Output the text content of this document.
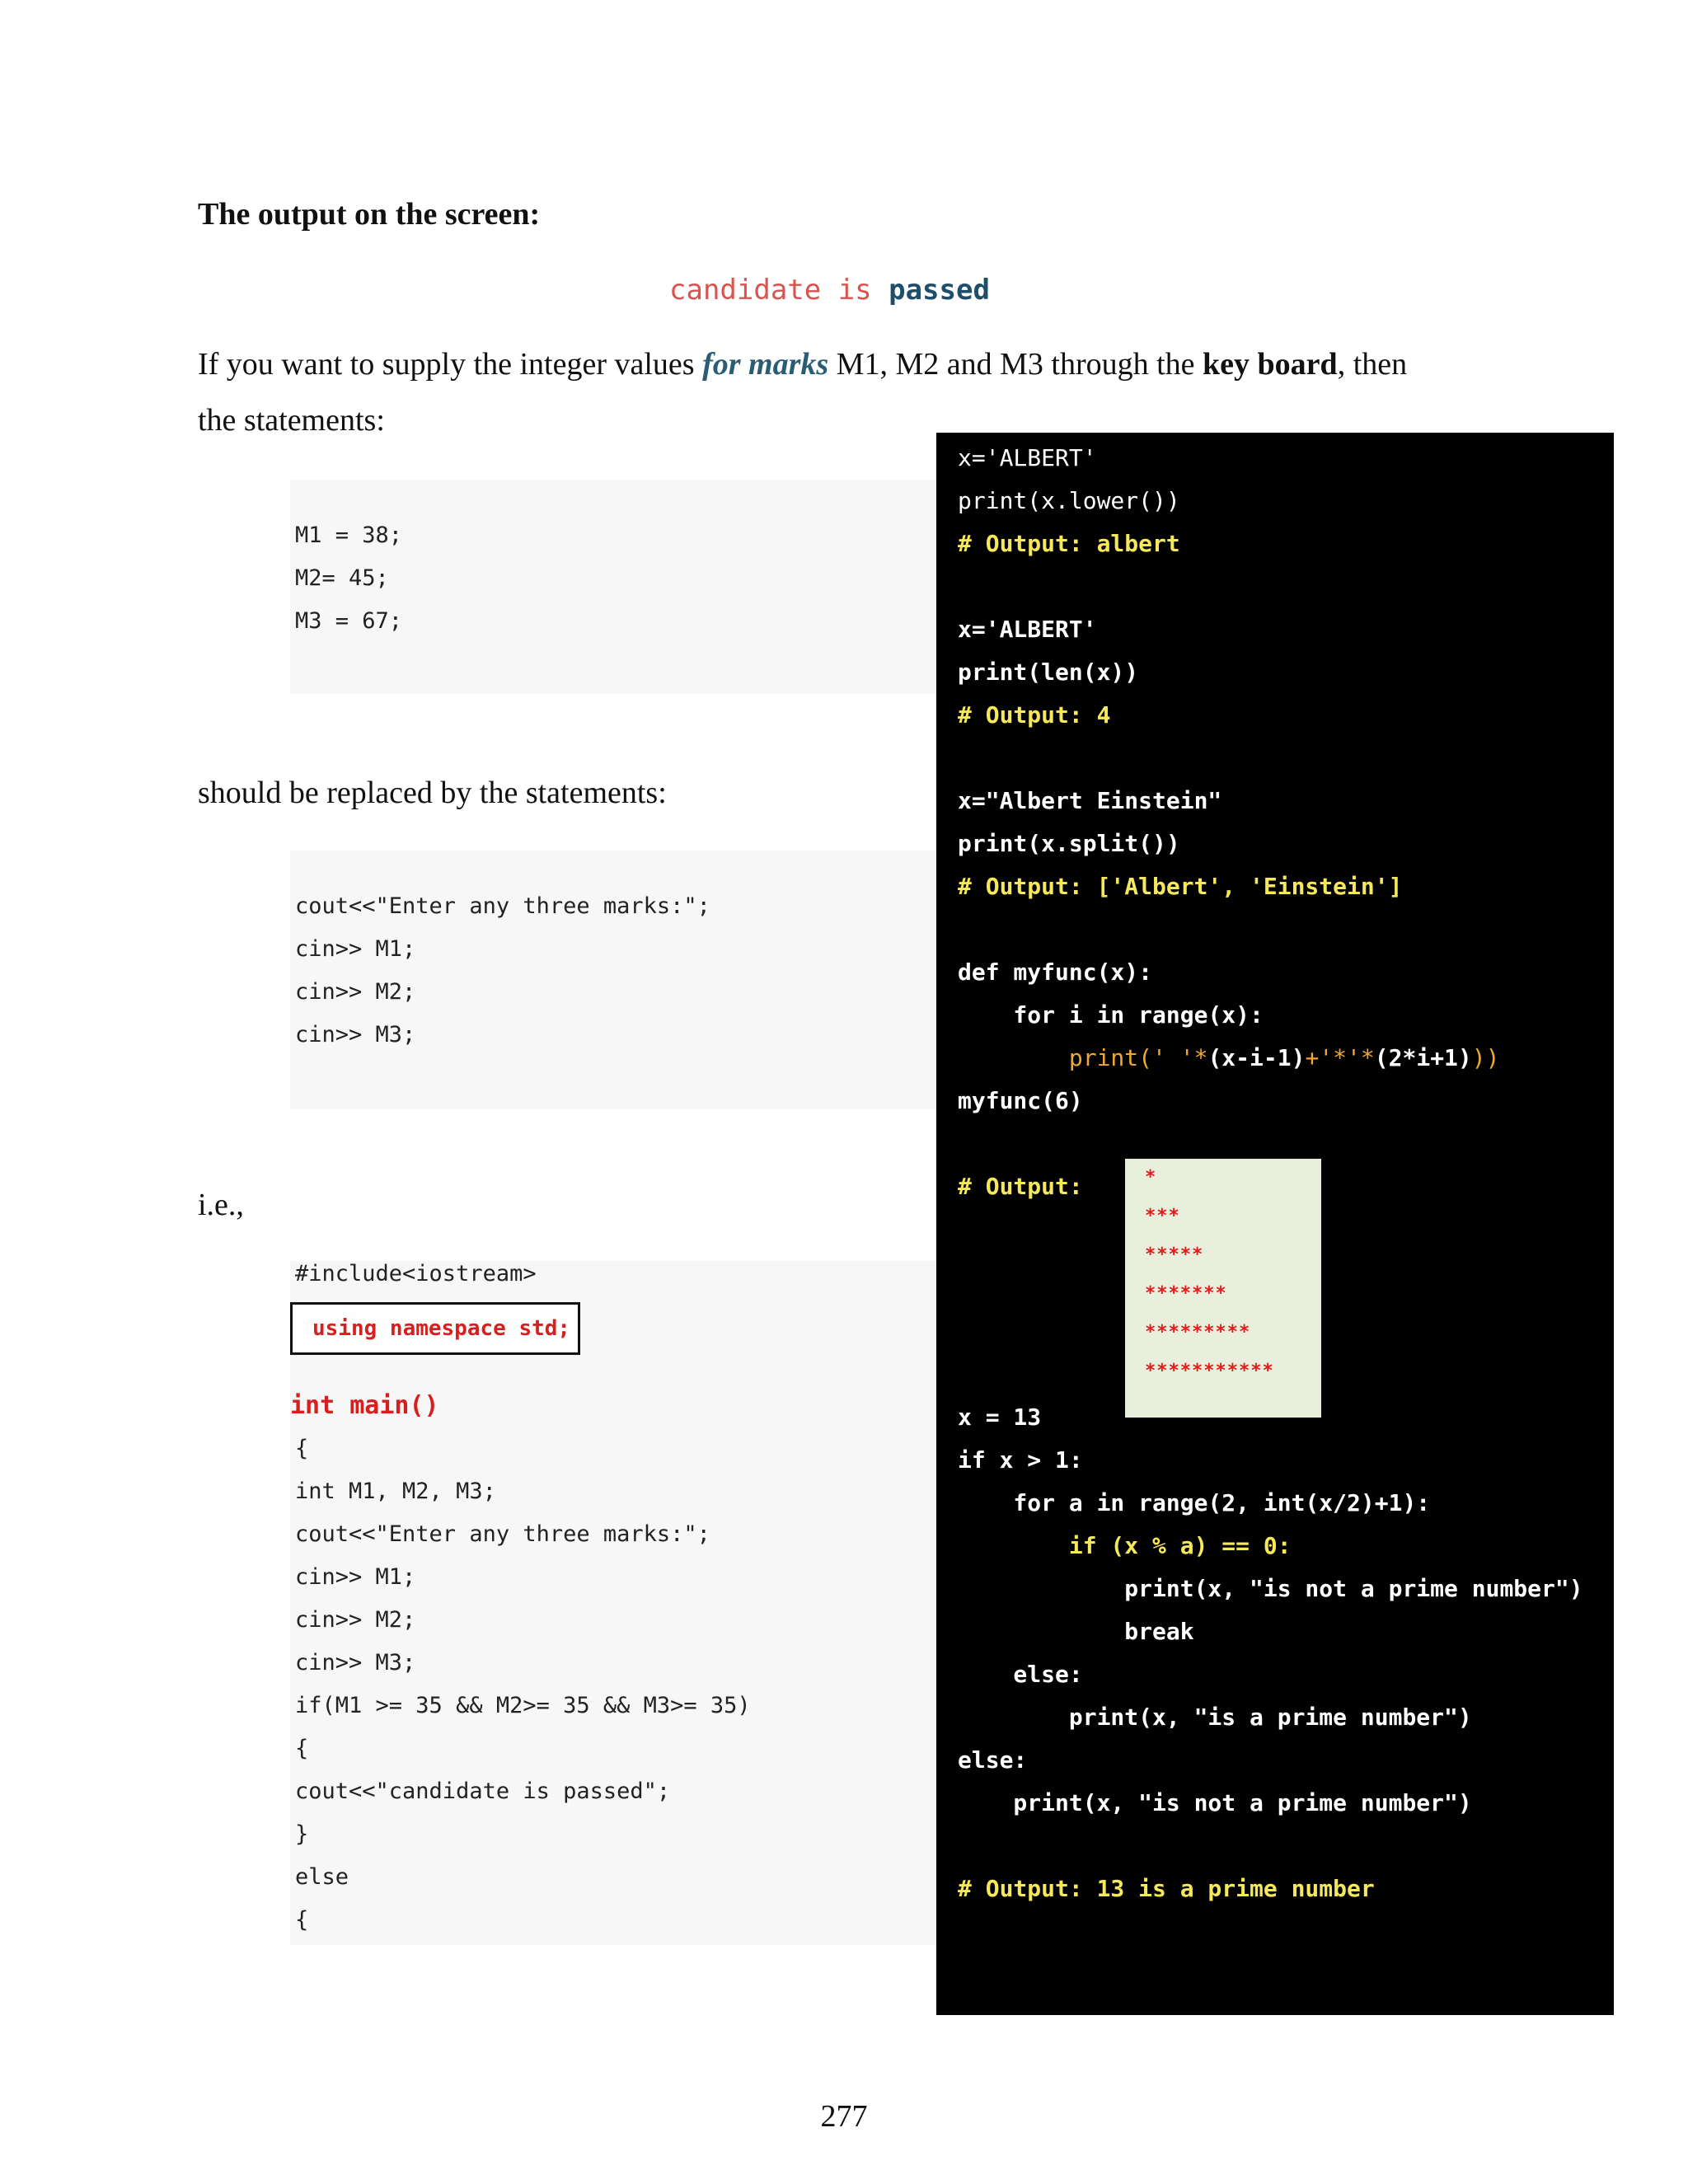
The output on the screen:
candidate is passed
If you want to supply the integer values for marks M1, M2 and M3 through the key board, then
the statements:
M1 = 38;
M2= 45;
M3 = 67;
should be replaced by the statements:
cout<<"Enter any three marks:";
cin>> M1;
cin>> M2;
cin>> M3;
i.e.,
#include<iostream>
using namespace std;
int main()
{
int M1, M2, M3;
cout<<"Enter any three marks:";
cin>> M1;
cin>> M2;
cin>> M3;
if(M1 >= 35 && M2>= 35 && M3>= 35)
{
cout<<"candidate is passed";
}
else
{
x='ALBERT'
print(x.lower())
# Output: albert
x='ALBERT'
print(len(x))
# Output: 4
x="Albert Einstein"
print(x.split())
# Output: ['Albert', 'Einstein']
def myfunc(x):
for i in range(x):
print(' '*(x-i-1)+'*'*(2*i+1)))
myfunc(6)
# Output:	*
***
*****
*******
*********
***********
x = 13
if x > 1:
for a in range(2, int(x/2)+1):
if (x % a) == 0:
print(x, "is not a prime number")
break
else:
print(x, "is a prime number")
else:
print(x, "is not a prime number")
# Output: 13 is a prime number
277
